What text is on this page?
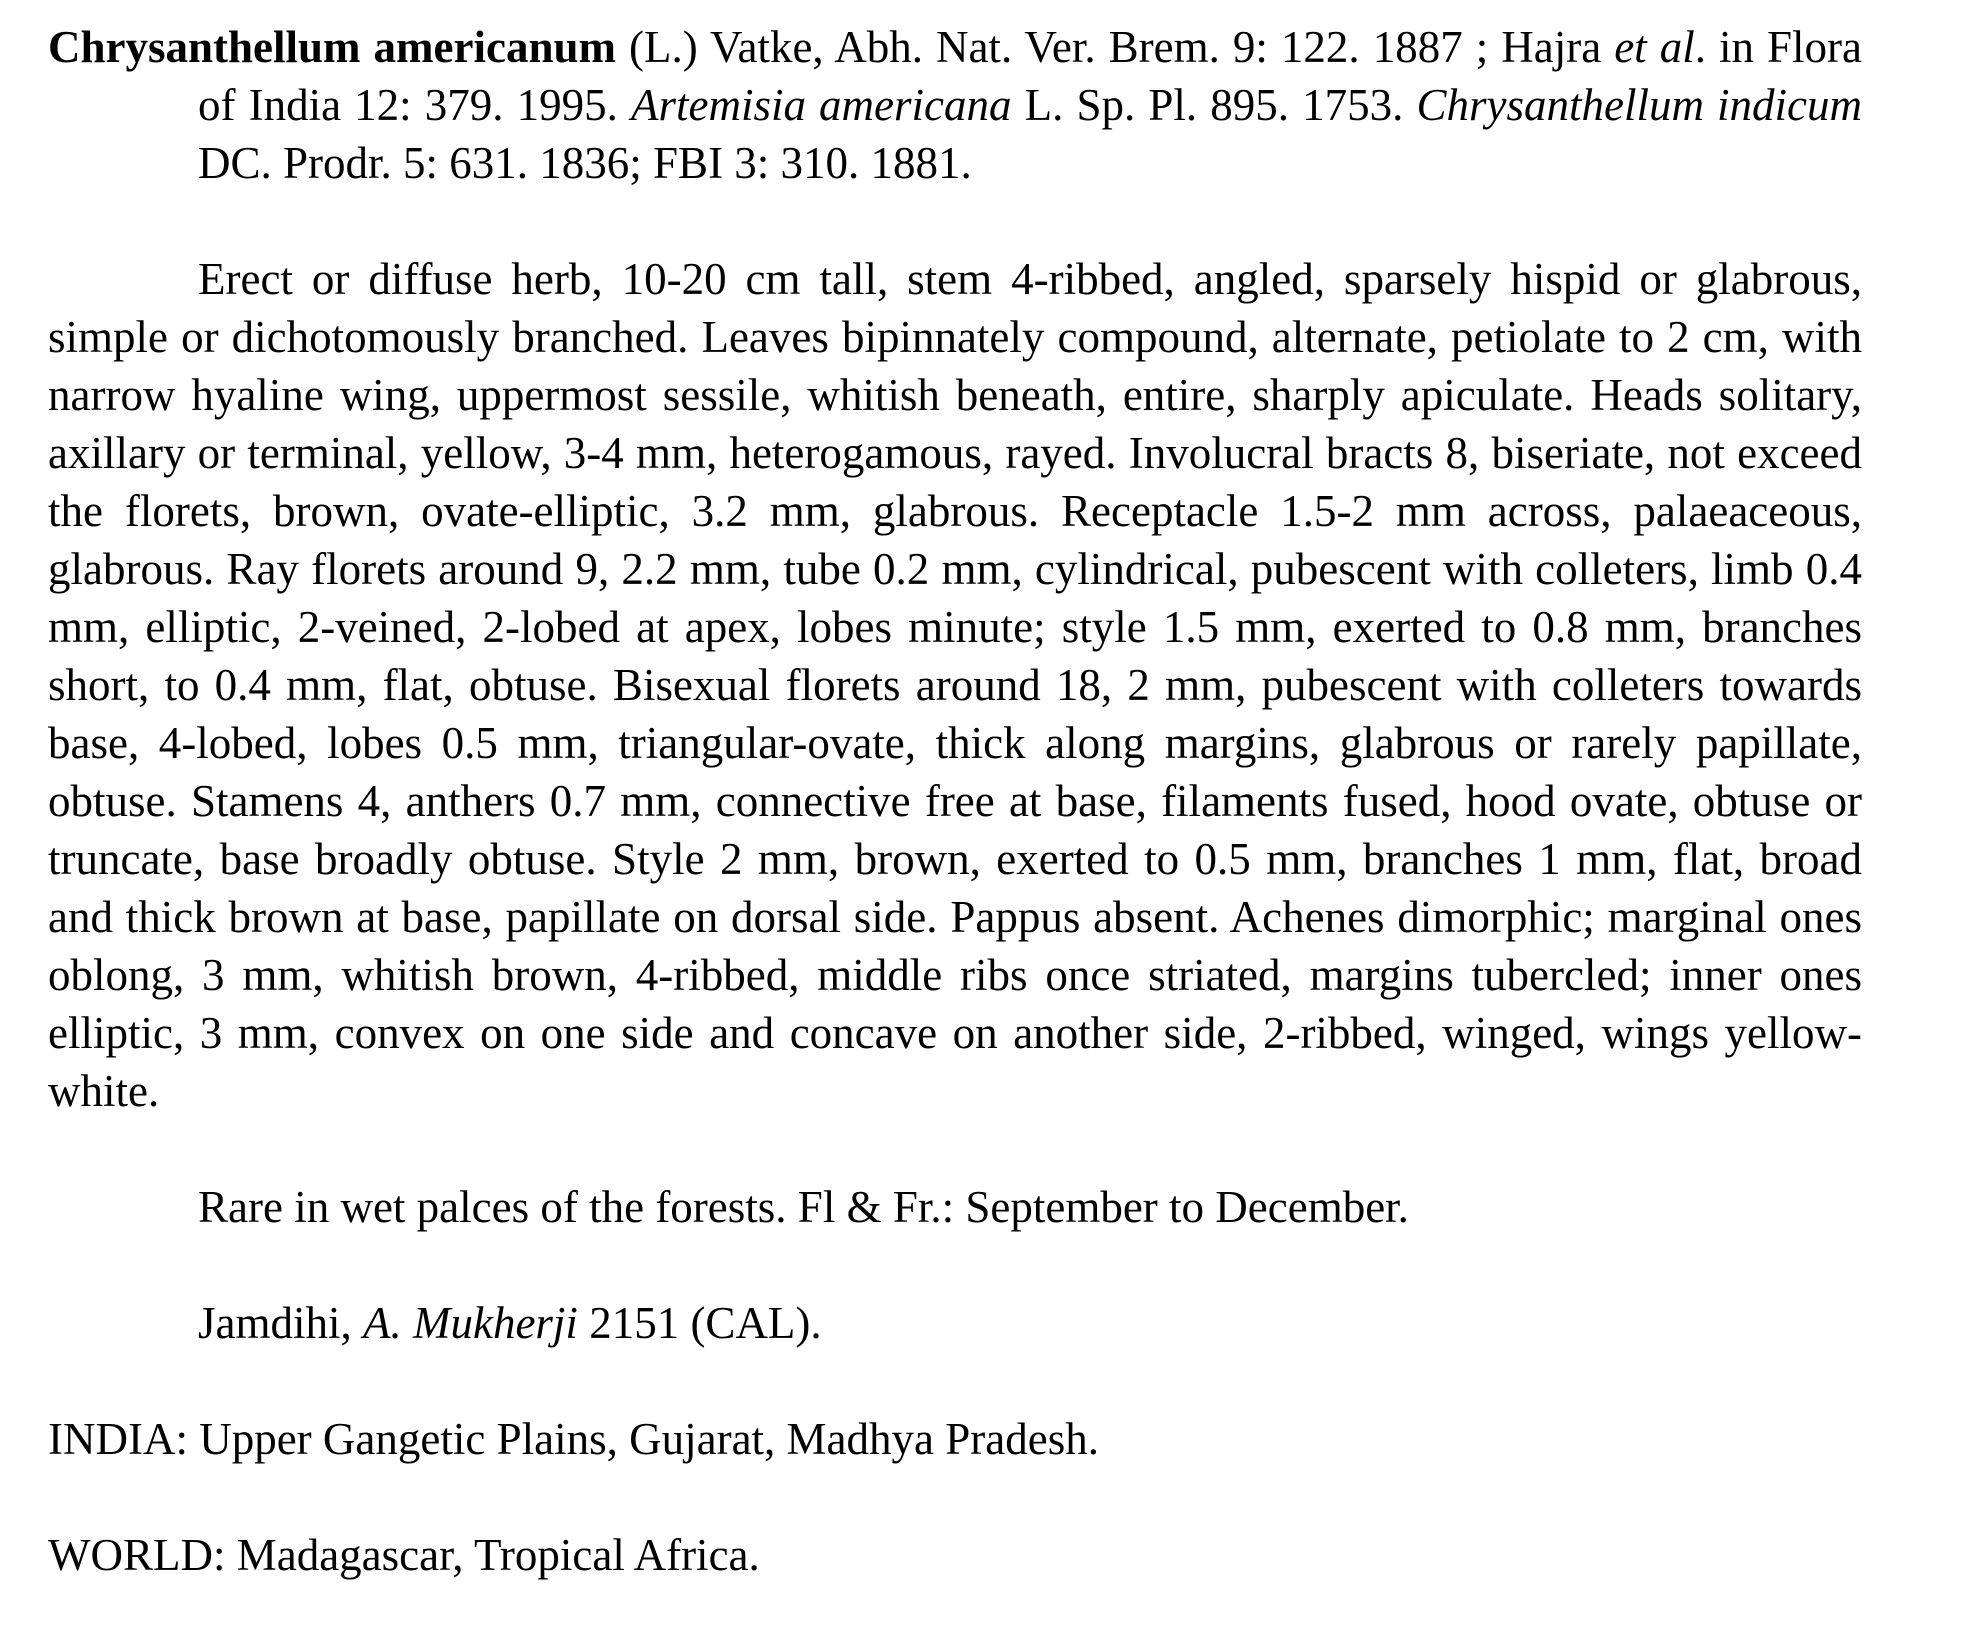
Chrysanthellum americanum (L.) Vatke, Abh. Nat. Ver. Brem. 9: 122. 1887 ; Hajra et al. in Flora of India 12: 379. 1995. Artemisia americana L. Sp. Pl. 895. 1753. Chrysanthellum indicum DC. Prodr. 5: 631. 1836; FBI 3: 310. 1881.

Erect or diffuse herb, 10-20 cm tall, stem 4-ribbed, angled, sparsely hispid or glabrous, simple or dichotomously branched. Leaves bipinnately compound, alternate, petiolate to 2 cm, with narrow hyaline wing, uppermost sessile, whitish beneath, entire, sharply apiculate. Heads solitary, axillary or terminal, yellow, 3-4 mm, heterogamous, rayed. Involucral bracts 8, biseriate, not exceed the florets, brown, ovate-elliptic, 3.2 mm, glabrous. Receptacle 1.5-2 mm across, palaeaceous, glabrous. Ray florets around 9, 2.2 mm, tube 0.2 mm, cylindrical, pubescent with colleters, limb 0.4 mm, elliptic, 2-veined, 2-lobed at apex, lobes minute; style 1.5 mm, exerted to 0.8 mm, branches short, to 0.4 mm, flat, obtuse. Bisexual florets around 18, 2 mm, pubescent with colleters towards base, 4-lobed, lobes 0.5 mm, triangular-ovate, thick along margins, glabrous or rarely papillate, obtuse. Stamens 4, anthers 0.7 mm, connective free at base, filaments fused, hood ovate, obtuse or truncate, base broadly obtuse. Style 2 mm, brown, exerted to 0.5 mm, branches 1 mm, flat, broad and thick brown at base, papillate on dorsal side. Pappus absent. Achenes dimorphic; marginal ones oblong, 3 mm, whitish brown, 4-ribbed, middle ribs once striated, margins tubercled; inner ones elliptic, 3 mm, convex on one side and concave on another side, 2-ribbed, winged, wings yellow-white.

Rare in wet palces of the forests. Fl & Fr.: September to December.

Jamdihi, A. Mukherji 2151 (CAL).

INDIA: Upper Gangetic Plains, Gujarat, Madhya Pradesh.

WORLD: Madagascar, Tropical Africa.
